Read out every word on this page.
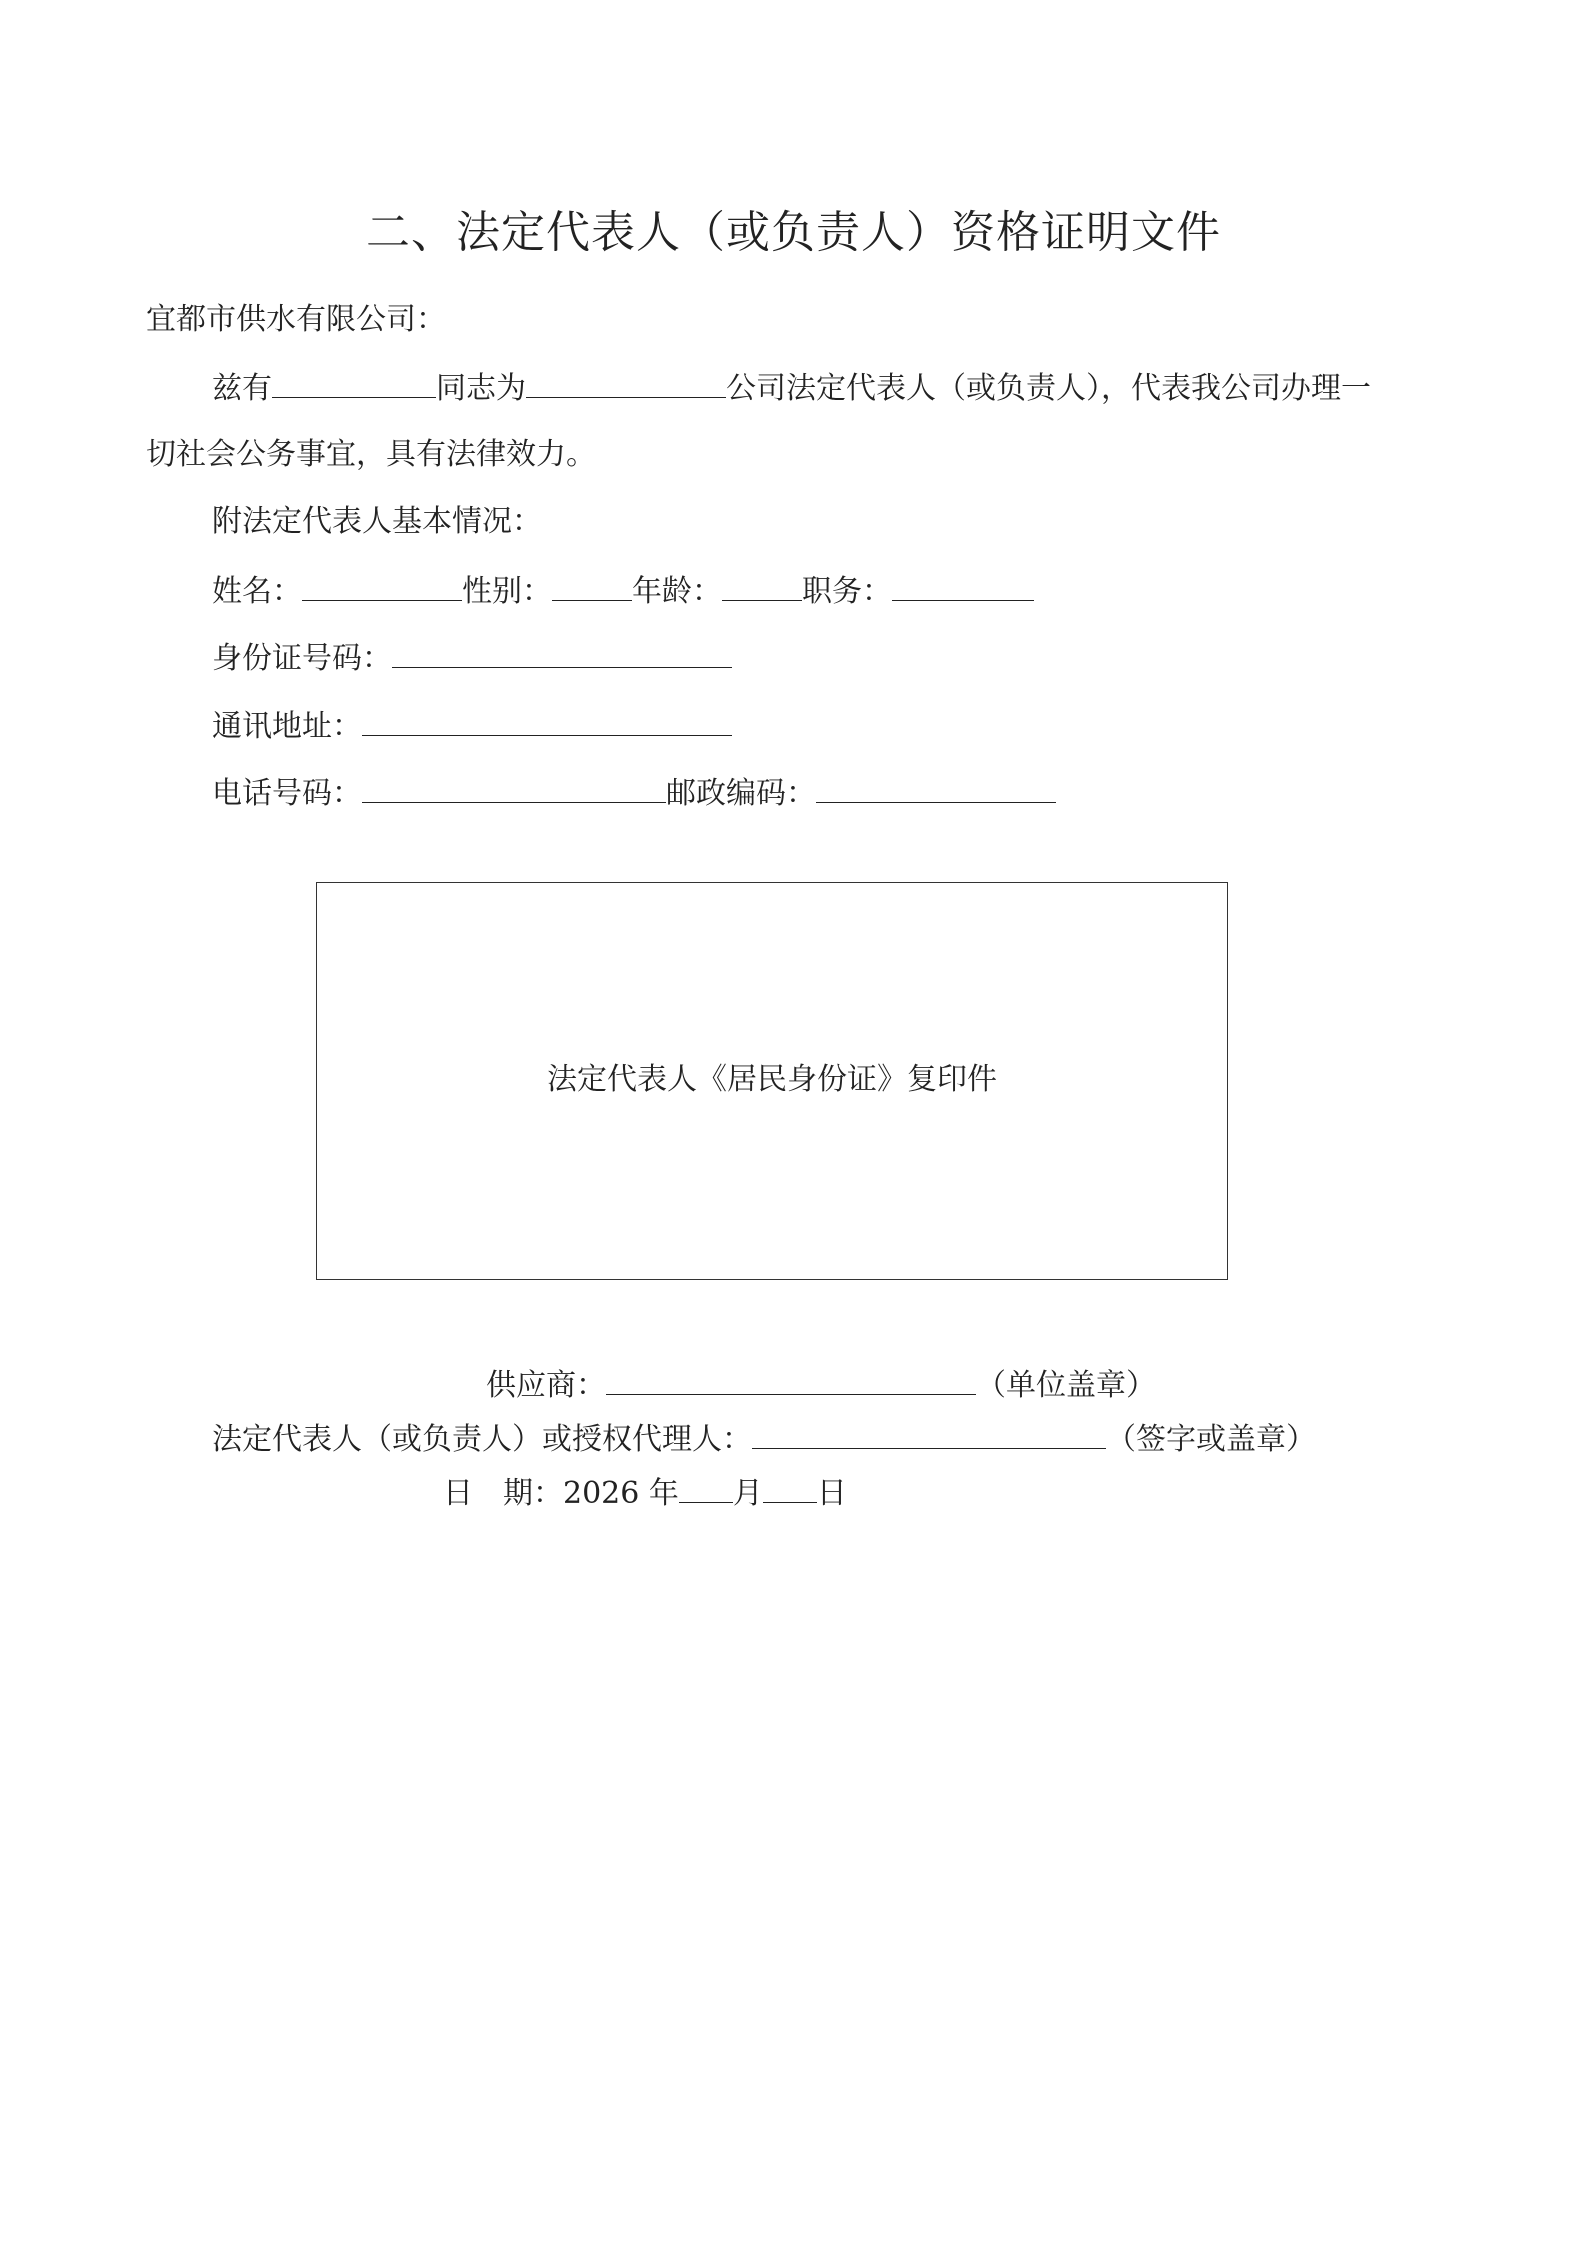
二、法定代表人（或负责人）资格证明文件
宜都市供水有限公司：
兹有	同志为	公司法定代表人（或负责人），代表我公司办理一
切社会公务事宜，具有法律效力。
附法定代表人基本情况：
姓名：	性别：	年龄：	职务：
身份证号码：
通讯地址：
电话号码：	邮政编码：
法定代表人《居民身份证》复印件
供应商：	（单位盖章）
法定代表人（或负责人）或授权代理人：	（签字或盖章）
日　期：2026 年 月 日
